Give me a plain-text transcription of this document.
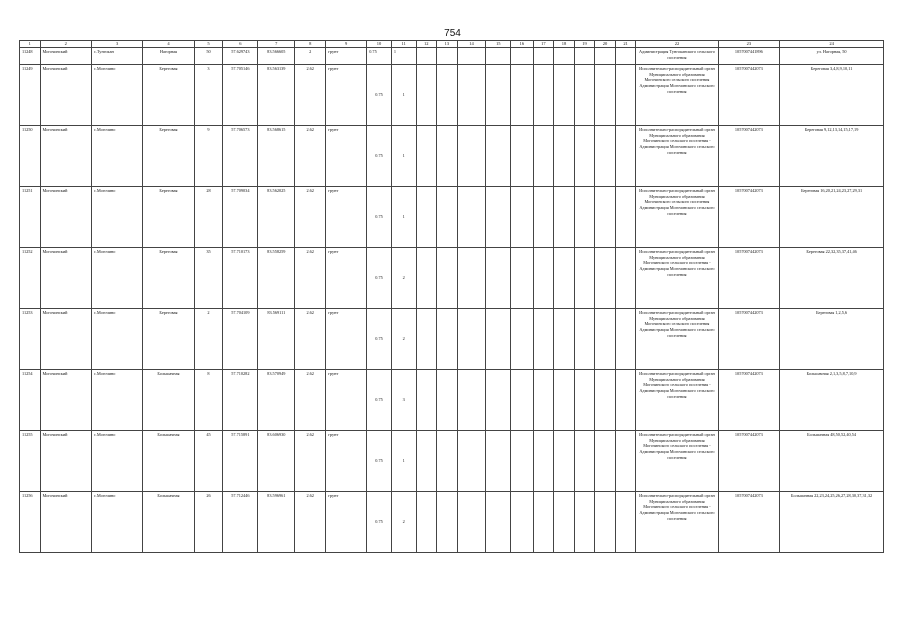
754
1	2	3	4	5	6	7	8	9	10	11	12	13	14	15	16	17	18	19	20	21	22	23	24
11248	Могочинский	с.Тунгокан	Нагорная	50	57.629743	83.566605	2	грунт	0.75	1											Администрация Тунгоканского сельского поселения	1057007441896	ул. Нагорная, 50
11249	Могочинский	с.Могочино	Береговая	3	57.705146	83.563139	2.62	грунт	0.75	1											Исполнительно-распорядительный орган Муниципального образования Могочинского сельского поселения Администрация Могочинского сельского поселения	1057007442073	Береговая 3,4,8,9,10,11
11250	Могочинский	с.Могочино	Береговая	9	57.706573	83.568615	2.62	грунт	0.75	1											Исполнительно-распорядительный орган Муниципального образования Могочинского сельского поселения - Администрация Могочинского сельского поселения	1057007442073	Береговая 9,12,13,14,15,17,19
11251	Могочинский	с.Могочино	Береговая	28	57.709034	83.562025	2.62	грунт	0.75	1											Исполнительно-распорядительный орган Муниципального образования Могочинского сельского поселения Администрация Могочинского сельского поселения	1057007442073	Береговая 16,20,21,24,23,27,29,31
11252	Могочинский	с.Могочино	Береговая	35	57.710173	83.558259	2.62	грунт	0.75	2											Исполнительно-распорядительный орган Муниципального образования Могочинского сельского поселения - Администрация Могочинского сельского поселения	1057007442073	Береговая 22,32,35,37,41,46
11253	Могочинский	с.Могочино	Береговая	2	57.704109	83.569111	2.62	грунт	0.75	2											Исполнительно-распорядительный орган Муниципального образования Могочинского сельского поселения Администрация Могочинского сельского поселения	1057007442073	Береговая 1,2,5,6
11254	Могочинский	с.Могочино	Большачная	8	57.710282	83.570949	2.62	грунт	0.75	3											Исполнительно-распорядительный орган Муниципального образования Могочинского сельского поселения - Администрация Могочинского сельского поселения	1057007442073	Большачная 2,1,3,5,8,7,10,9
11255	Могочинский	с.Могочино	Большачная	45	57.715891	83.606930	2.62	грунт	0.75	1											Исполнительно-распорядительный орган Муниципального образования Могочинского сельского поселения - Администрация Могочинского сельского поселения	1057007442073	Большачная 48,50,52,40,54
11256	Могочинский	с.Могочино	Большачная	26	57.712446	83.596961	2.62	грунт	0.75	2											Исполнительно-распорядительный орган Муниципального образования Могочинского сельского поселения - Администрация Могочинского сельского поселения	1057007442073	Большачная 22,23,24,25,26,27,28,30,37,31,32
